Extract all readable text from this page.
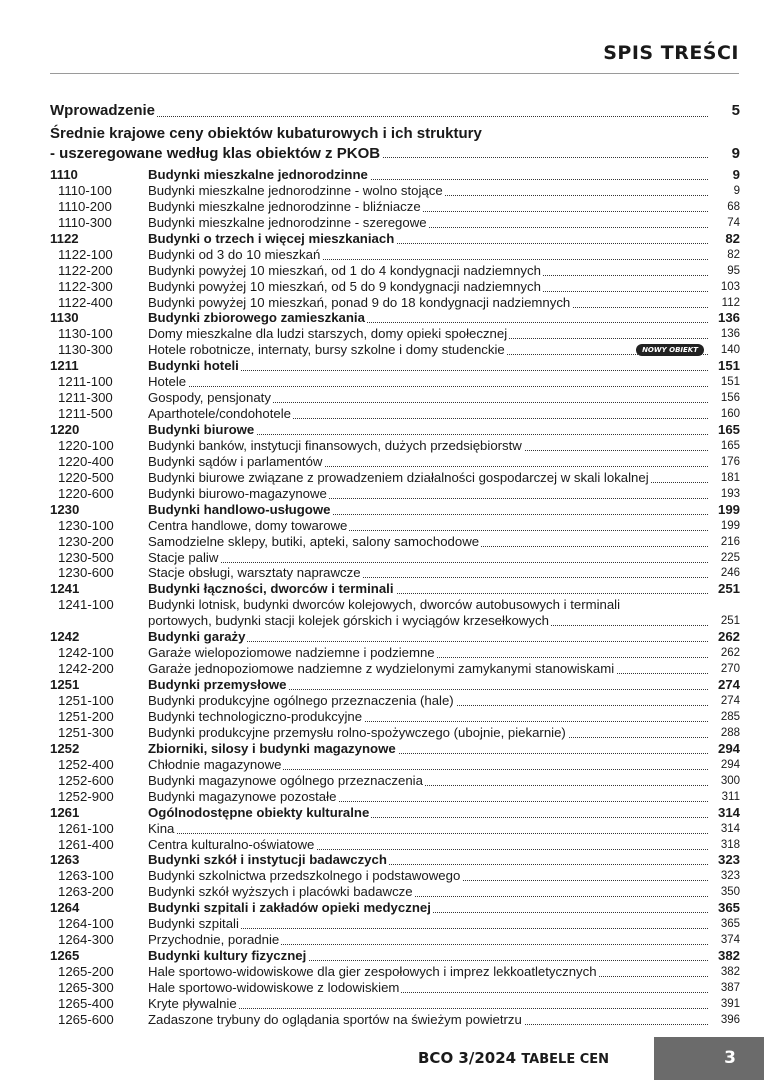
SPIS TREŚCI
Wprowadzenie	5
Średnie krajowe ceny obiektów kubaturowych i ich struktury
- uszeregowane według klas obiektów z PKOB	9
1110	Budynki mieszkalne jednorodzinne	9
1110-100	Budynki mieszkalne jednorodzinne - wolno stojące	9
1110-200	Budynki mieszkalne jednorodzinne - bliźniacze	68
1110-300	Budynki mieszkalne jednorodzinne - szeregowe	74
1122	Budynki o trzech i więcej mieszkaniach	82
1122-100	Budynki od 3 do 10 mieszkań	82
1122-200	Budynki powyżej 10 mieszkań, od 1 do 4 kondygnacji nadziemnych	95
1122-300	Budynki powyżej 10 mieszkań, od 5 do 9 kondygnacji nadziemnych	103
1122-400	Budynki powyżej 10 mieszkań, ponad 9 do 18 kondygnacji nadziemnych	112
1130	Budynki zbiorowego zamieszkania	136
1130-100	Domy mieszkalne dla ludzi starszych, domy opieki społecznej	136
1130-300	Hotele robotnicze, internaty, bursy szkolne i domy studenckie	NOWY OBIEKT	140
1211	Budynki hoteli	151
1211-100	Hotele	151
1211-300	Gospody, pensjonaty	156
1211-500	Aparthotele/condohotele	160
1220	Budynki biurowe	165
1220-100	Budynki banków, instytucji finansowych, dużych przedsiębiorstw	165
1220-400	Budynki sądów i parlamentów	176
1220-500	Budynki biurowe związane z prowadzeniem działalności gospodarczej w skali lokalnej	181
1220-600	Budynki biurowo-magazynowe	193
1230	Budynki handlowo-usługowe	199
1230-100	Centra handlowe, domy towarowe	199
1230-200	Samodzielne sklepy, butiki, apteki, salony samochodowe	216
1230-500	Stacje paliw	225
1230-600	Stacje obsługi, warsztaty naprawcze	246
1241	Budynki łączności, dworców i terminali	251
1241-100	Budynki lotnisk, budynki dworców kolejowych, dworców autobusowych i terminali
portowych, budynki stacji kolejek górskich i wyciągów krzesełkowych	251
1242	Budynki garaży	262
1242-100	Garaże wielopoziomowe nadziemne i podziemne	262
1242-200	Garaże jednopoziomowe nadziemne z wydzielonymi zamykanymi stanowiskami	270
1251	Budynki przemysłowe	274
1251-100	Budynki produkcyjne ogólnego przeznaczenia (hale)	274
1251-200	Budynki technologiczno-produkcyjne	285
1251-300	Budynki produkcyjne przemysłu rolno-spożywczego (ubojnie, piekarnie)	288
1252	Zbiorniki, silosy i budynki magazynowe	294
1252-400	Chłodnie magazynowe	294
1252-600	Budynki magazynowe ogólnego przeznaczenia	300
1252-900	Budynki magazynowe pozostałe	311
1261	Ogólnodostępne obiekty kulturalne	314
1261-100	Kina	314
1261-400	Centra kulturalno-oświatowe	318
1263	Budynki szkół i instytucji badawczych	323
1263-100	Budynki szkolnictwa przedszkolnego i podstawowego	323
1263-200	Budynki szkół wyższych i placówki badawcze	350
1264	Budynki szpitali i zakładów opieki medycznej	365
1264-100	Budynki szpitali	365
1264-300	Przychodnie, poradnie	374
1265	Budynki kultury fizycznej	382
1265-200	Hale sportowo-widowiskowe dla gier zespołowych i imprez lekkoatletycznych	382
1265-300	Hale sportowo-widowiskowe z lodowiskiem	387
1265-400	Kryte pływalnie	391
1265-600	Zadaszone trybuny do oglądania sportów na świeżym powietrzu	396
BCO 3/2024 TABELE CEN	3
